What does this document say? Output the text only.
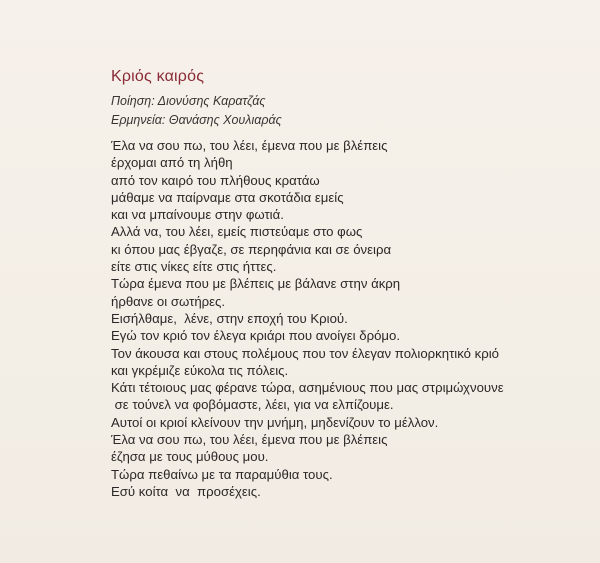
Κριός καιρός
Ποίηση: Διονύσης Καρατζάς
Ερμηνεία: Θανάσης Χουλιαράς
Έλα να σου πω, του λέει, έμενα που με βλέπεις
έρχομαι από τη λήθη
από τον καιρό του πλήθους κρατάω
μάθαμε να παίρναμε στα σκοτάδια εμείς
και να μπαίνουμε στην φωτιά.
Αλλά να, του λέει, εμείς πιστεύαμε στο φως
κι όπου μας έβγαζε, σε περηφάνια και σε όνειρα
είτε στις νίκες είτε στις ήττες.
Τώρα έμενα που με βλέπεις με βάλανε στην άκρη
ήρθανε οι σωτήρες.
Εισήλθαμε,  λένε, στην εποχή του Κριού.
Εγώ τον κριό τον έλεγα κριάρι που ανοίγει δρόμο.
Τον άκουσα και στους πολέμους που τον έλεγαν πολιορκητικό κριό
και γκρέμιζε εύκολα τις πόλεις.
Κάτι τέτοιους μας φέρανε τώρα, ασημένιους που μας στριμώχνουνε
σε τούνελ να φοβόμαστε, λέει, για να ελπίζουμε.
Αυτοί οι κριοί κλείνουν την μνήμη, μηδενίζουν το μέλλον.
Έλα να σου πω, του λέει, έμενα που με βλέπεις
έζησα με τους μύθους μου.
Τώρα πεθαίνω με τα παραμύθια τους.
Εσύ κοίτα  να  προσέχεις.
